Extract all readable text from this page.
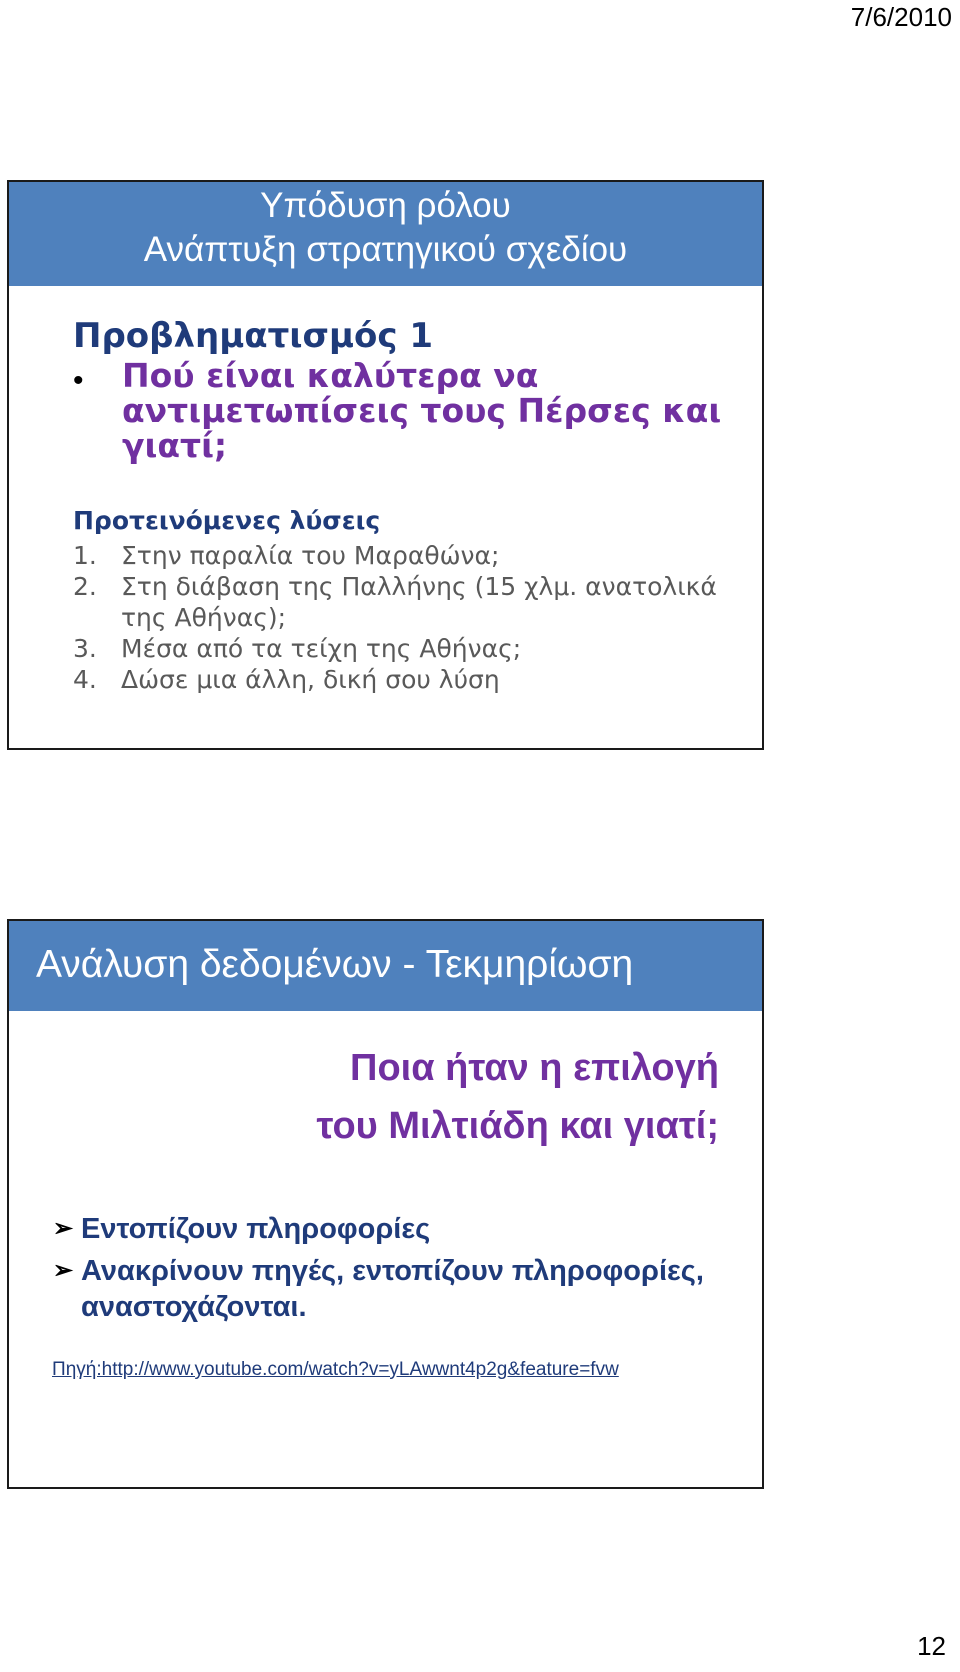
7/6/2010
Υπόδυση ρόλου
Ανάπτυξη στρατηγικού σχεδίου
Προβληματισμός 1
• Πού είναι καλύτερα να αντιμετωπίσεις τους Πέρσες και γιατί;
Προτεινόμενες λύσεις
1. Στην παραλία του Μαραθώνα;
2. Στη διάβαση της Παλλήνης (15 χλμ. ανατολικά της Αθήνας);
3. Μέσα από τα τείχη της Αθήνας;
4. Δώσε μια άλλη, δική σου λύση
Ανάλυση δεδομένων - Τεκμηρίωση
Ποια ήταν η επιλογή
του Μιλτιάδη και γιατί;
➢ Εντοπίζουν πληροφορίες
➢ Ανακρίνουν πηγές, εντοπίζουν πληροφορίες, αναστοχάζονται.
Πηγή:http://www.youtube.com/watch?v=yLAwwnt4p2g&feature=fvw
12
